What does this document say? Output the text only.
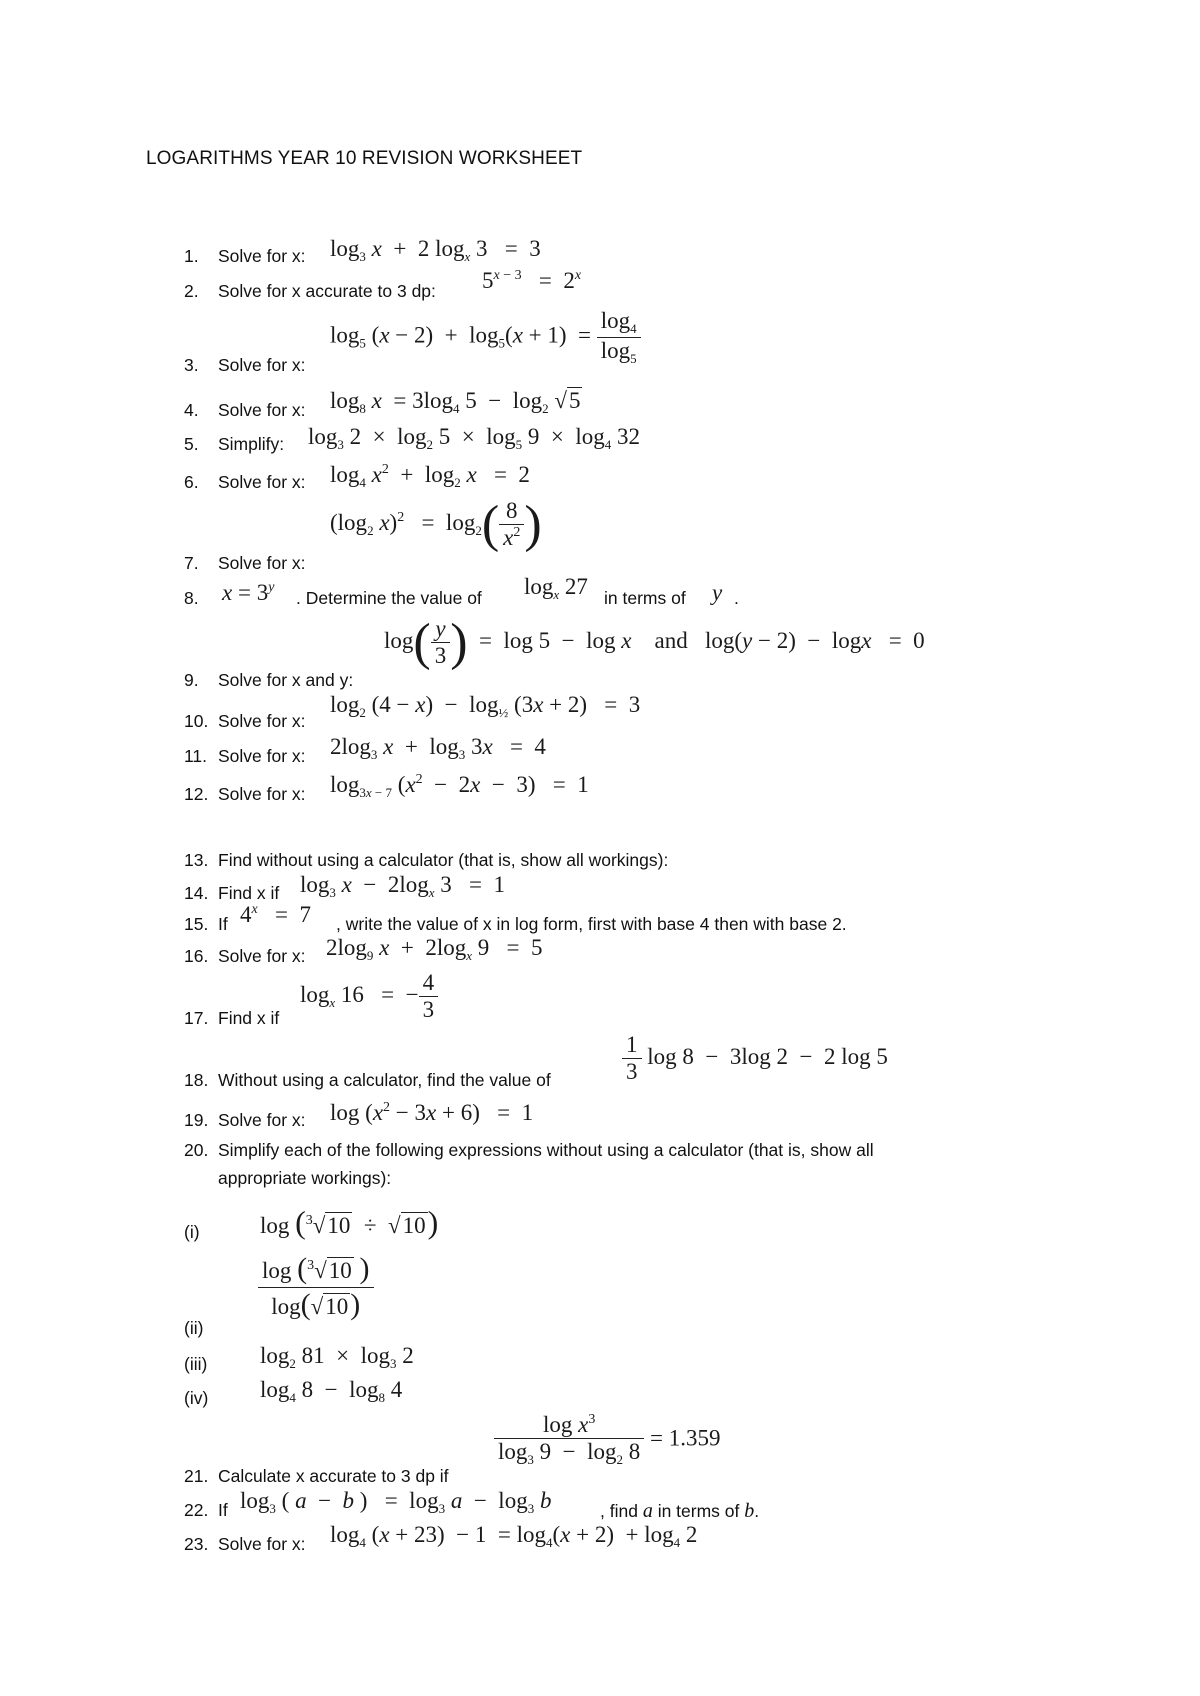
LOGARITHMS YEAR 10 REVISION WORKSHEET
1. Solve for x: $\log_3 x + 2$ $\log_x 3 = 3$
2. Solve for x accurate to 3 dp: $5^{x - 3} = 2^x$
3. Solve for x:
$\log_5 (x - 2) + \log_5(x + 1) = \frac{\log_4}{\log_5}$
4. Solve for x: $\log_8 x = 3\log_4$ $5 - \log_2 √5$
5. Simplify: $\log_3 2 \times \log_2 5 \times \log_5 9 \times \log_4 32$
6. Solve for x: $\log_4 x^2 + \log_2 x = 2$
7. Solve for x:
($\log_2$ $x)^2 = \log_2( \frac{8}{x^2}$ )
8.	$x = 3^y$
. Determine the value of $\log_x 27$ in terms of y .
9. Solve for x and y:
$\log( \frac{y}{3}$ )  =  log 5  −  log x    and   log(y − 2)  −  logx   =  0
10. Solve for x:
$\log_2 (4 - x) - \log_{\frac{1}{2}} (3x + 2) = 3$
11. Solve for x: $2\log_3$ $x + \log_3 3x = 4$
12. Solve for x: $\log_{3x - 7} (x^2 - 2x - 3) = 1$
13. Find without using a calculator (that is, show all workings):
14. Find x if $\log_3 x - 2\log_x$ 3   =  1
15. If 4$^x$   =  7 , write the value of x in log form, first with base 4 then with base 2.
16. Solve for x: $2\log_9$ $x + 2\log_x$ 9   =  5
17. Find x if
$\log_x 16$   =  − $\frac{4}{3}$
18. Without using a calculator, find the value of	$\frac{1}{3}$ log 8  −  3log 2  −  2 log 5
19. Solve for x: $\log (x^2 - 3x + 6) = 1$
20. Simplify each of the following expressions without using a calculator (that is, show all
appropriate workings):
(i)	log ($^3$√10  ÷  √10)
(ii)
$\frac{\log (^3√10 )}{\log(√10)}$
(iii) $\log_2 81 \times \log_3 2$
(iv) $\log_4 8 - \log_8 4$
21. Calculate x accurate to 3 dp if
$\frac{\log x^3}{\log_3 9 - \log_2 8} = 1.359$
22. If $\log_3$ ( a  −  b )   =  $\log_3 a - \log_3 b$	, find a in terms of b.
23. Solve for x: $\log_4 (x + 23) - 1 = \log_4(x + 2) + \log_4 2$
